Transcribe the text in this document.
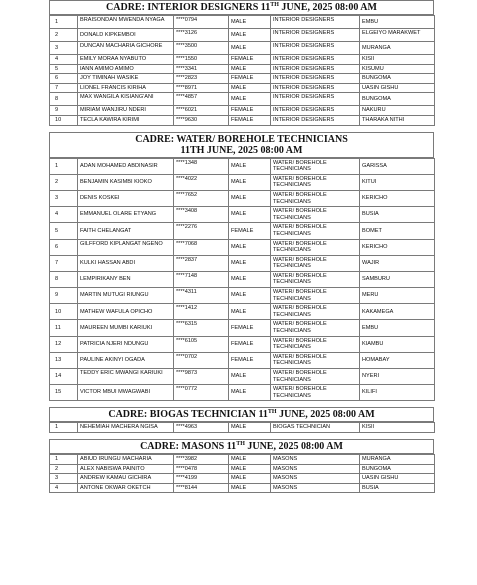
CADRE: INTERIOR DESIGNERS 11TH JUNE, 2025 08:00 AM
1	BRAISONDAN MWENDA NYAGA	****0794	MALE	INTERIOR DESIGNERS	EMBU
2	DONALD KIPKEMBOI	****3126	MALE	INTERIOR DESIGNERS	ELGEIYO MARAKWET
3	DUNCAN MACHARIA GICHORE	****3500	MALE	INTERIOR DESIGNERS	MURANGA
4	EMILY MORAA NYABUTO	****1550	FEMALE	INTERIOR DESIGNERS	KISII
5	IANN AMIMO AMIMO	****3341	MALE	INTERIOR DESIGNERS	KISUMU
6	JOY TIMINAH WASIKE	****2823	FEMALE	INTERIOR DESIGNERS	BUNGOMA
7	LIONEL FRANCIS KIRIHA	****8971	MALE	INTERIOR DESIGNERS	UASIN GISHU
8	MAX WANGILA KISIANG'ANI	****4857	MALE	INTERIOR DESIGNERS	BUNGOMA
9	MIRIAM WANJIRU NDERI	****6021	FEMALE	INTERIOR DESIGNERS	NAKURU
10	TECLA KAWIRA KIRIMI	****9630	FEMALE	INTERIOR DESIGNERS	THARAKA NITHI
CADRE: WATER/ BOREHOLE TECHNICIANS
11TH JUNE, 2025 08:00 AM
1	ADAN MOHAMED ABDINASIR	****1348	MALE	WATER/ BOREHOLE TECHNICIANS	GARISSA
2	BENJAMIN KASIMBI KIOKO	****4022	MALE	WATER/ BOREHOLE TECHNICIANS	KITUI
3	DENIS KOSKEI	****7652	MALE	WATER/ BOREHOLE TECHNICIANS	KERICHO
4	EMMANUEL OLARE ETYANG	****3408	MALE	WATER/ BOREHOLE TECHNICIANS	BUSIA
5	FAITH CHELANGAT	****2276	FEMALE	WATER/ BOREHOLE TECHNICIANS	BOMET
6	GILFFORD KIPLANGAT NGENO	****7068	MALE	WATER/ BOREHOLE TECHNICIANS	KERICHO
7	KULKI HASSAN ABDI	****2837	MALE	WATER/ BOREHOLE TECHNICIANS	WAJIR
8	LEMPIRIKANY BEN	****7148	MALE	WATER/ BOREHOLE TECHNICIANS	SAMBURU
9	MARTIN MUTUGI RIUNGU	****4311	MALE	WATER/ BOREHOLE TECHNICIANS	MERU
10	MATHEW WAFULA OPICHO	****1412	MALE	WATER/ BOREHOLE TECHNICIANS	KAKAMEGA
11	MAUREEN MUMBI KARIUKI	****6315	FEMALE	WATER/ BOREHOLE TECHNICIANS	EMBU
12	PATRICIA NJERI NDUNGU	****6105	FEMALE	WATER/ BOREHOLE TECHNICIANS	KIAMBU
13	PAULINE AKINYI OGADA	****0702	FEMALE	WATER/ BOREHOLE TECHNICIANS	HOMABAY
14	TEDDY ERIC MWANGI KARIUKI	****9873	MALE	WATER/ BOREHOLE TECHNICIANS	NYERI
15	VICTOR MBUI MWAGWABI	****0772	MALE	WATER/ BOREHOLE TECHNICIANS	KILIFI
CADRE: BIOGAS TECHNICIAN 11TH JUNE, 2025 08:00 AM
1	NEHEMIAH MACHERA NGISA	****4963	MALE	BIOGAS TECHNICIAN	KISII
CADRE: MASONS 11TH JUNE, 2025 08:00 AM
1	ABIUD IRUNGU MACHARIA	****3982	MALE	MASONS	MURANGA
2	ALEX NABISWA PAINITO	****0478	MALE	MASONS	BUNGOMA
3	ANDREW KAMAU GICHIRA	****4199	MALE	MASONS	UASIN GISHU
4	ANTONE OKWAR OKETCH	****8144	MALE	MASONS	BUSIA
